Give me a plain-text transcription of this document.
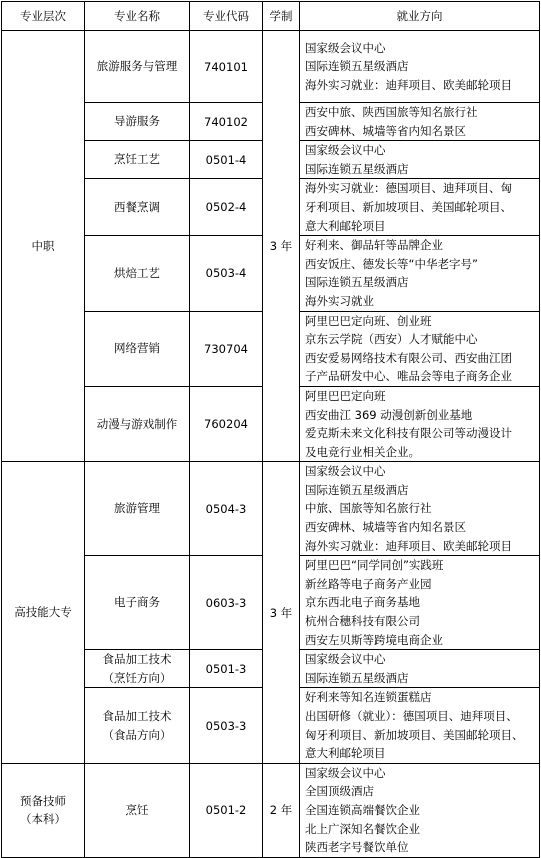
专业层次	专业名称	专业代码	学制	就业方向

中职	旅游服务与管理	740101	3 年	国家级会议中心
国际连锁五星级酒店
海外实习就业：迪拜项目、欧美邮轮项目

	导游服务	740102		西安中旅、陕西国旅等知名旅行社
西安碑林、城墙等省内知名景区

	烹饪工艺	0501-4		国家级会议中心
国际连锁五星级酒店

	西餐烹调	0502-4		海外实习就业：德国项目、迪拜项目、匈
牙利项目、新加坡项目、美国邮轮项目、
意大利邮轮项目

	烘焙工艺	0503-4		好利来、御品轩等品牌企业
西安饭庄、德发长等“中华老字号”
国际连锁五星级酒店
海外实习就业

	网络营销	730704		阿里巴巴定向班、创业班
京东云学院（西安）人才赋能中心
西安爱易网络技术有限公司、西安曲江团
子产品研发中心、唯品会等电子商务企业

	动漫与游戏制作	760204		阿里巴巴定向班
西安曲江 369 动漫创新创业基地
爱克斯未来文化科技有限公司等动漫设计
及电竞行业相关企业。

高技能大专	旅游管理	0504-3	3 年	国家级会议中心
国际连锁五星级酒店
中旅、国旅等知名旅行社
西安碑林、城墙等省内知名景区
海外实习就业：迪拜项目、欧美邮轮项目

	电子商务	0603-3		阿里巴巴“同学同创”实践班
新丝路等电子商务产业园
京东西北电子商务基地
杭州合穗科技有限公司
西安左贝斯等跨境电商企业

	食品加工技术
（烹饪方向）	0501-3		国家级会议中心
国际连锁五星级酒店

	食品加工技术
（食品方向）	0503-3		好利来等知名连锁蛋糕店
出国研修（就业）：德国项目、迪拜项目、
匈牙利项目、新加坡项目、美国邮轮项目、
意大利邮轮项目

预备技师
（本科）	烹饪	0501-2	2 年	国家级会议中心
全国顶级酒店
全国连锁高端餐饮企业
北上广深知名餐饮企业
陕西老字号餐饮单位
